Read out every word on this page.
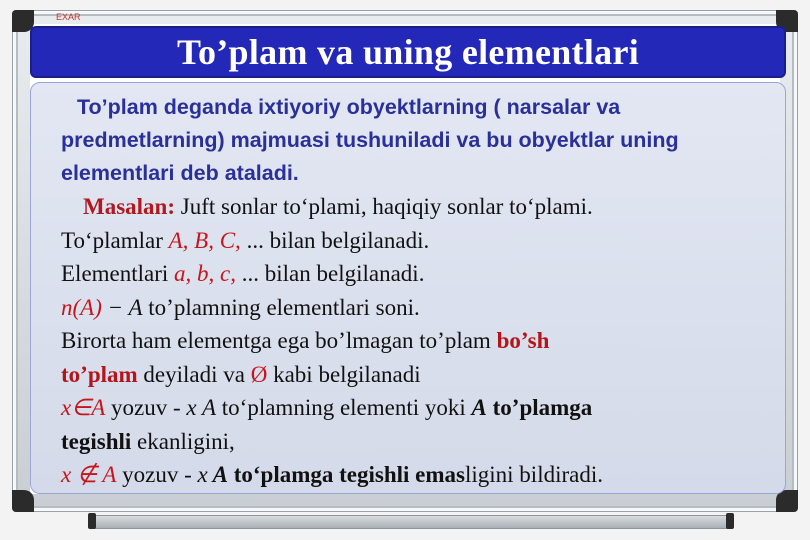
EXAR
To’plam va uning elementlari

To’plam deganda ixtiyoriy obyektlarning ( narsalar va predmetlarning) majmuasi tushuniladi va bu obyektlar uning elementlari deb ataladi.

Masalan: Juft sonlar to‘plami, haqiqiy sonlar to‘plami.

To‘plamlar A, B, C, ... bilan belgilanadi.

Elementlari a, b, c, ... bilan belgilanadi.

n(A) − A to’plamning elementlari soni.

Birorta ham elementga ega bo’lmagan to’plam bo’sh

to’plam deyiladi va Ø kabi belgilanadi

x∈A yozuv - x A to‘plamning elementi yoki A to’plamga

tegishli ekanligini,

x ∉ A yozuv - x A to‘plamga tegishli emasligini bildiradi.
